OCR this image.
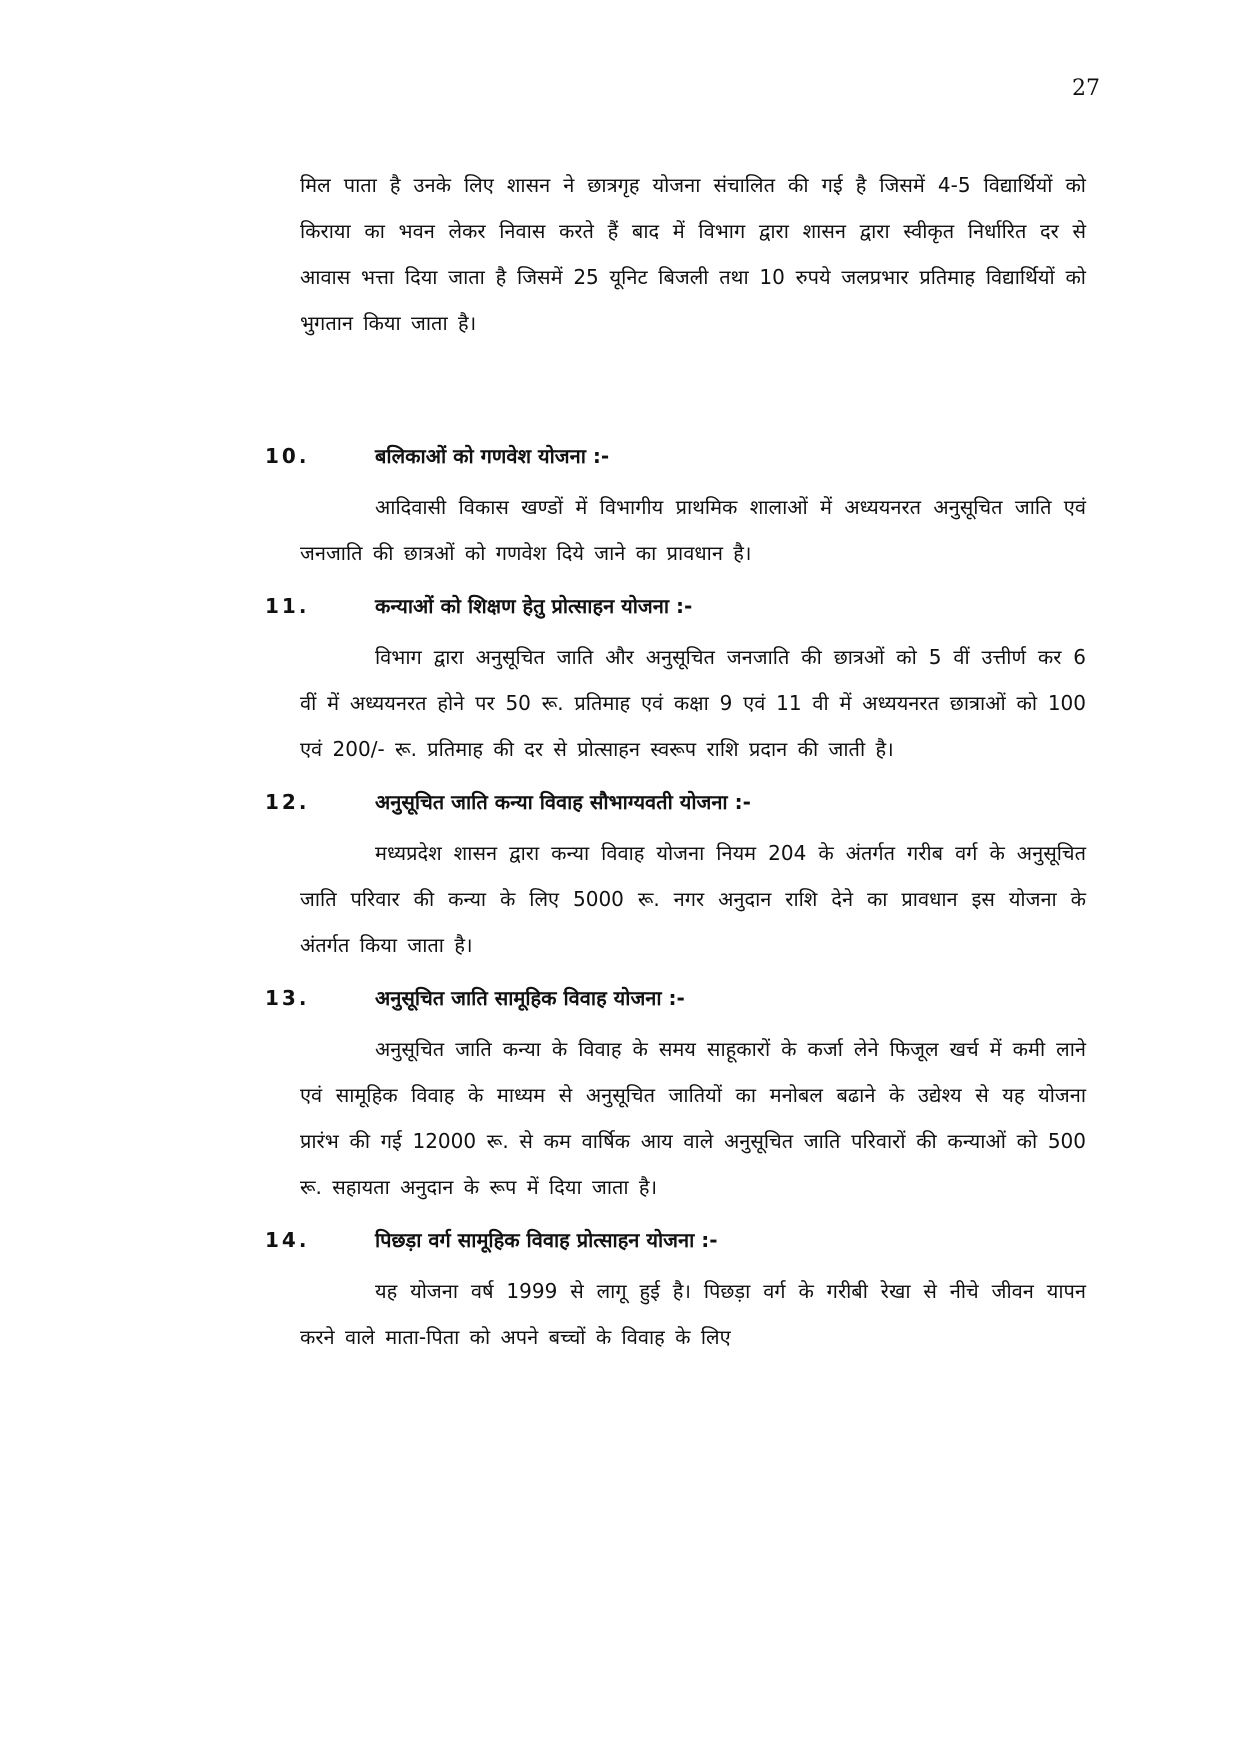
27

मिल पाता है उनके लिए शासन ने छात्रगृह योजना संचालित की गई है जिसमें 4-5 विद्यार्थियों को किराया का भवन लेकर निवास करते हैं बाद में विभाग द्वारा शासन द्वारा स्वीकृत निर्धारित दर से आवास भत्ता दिया जाता है जिसमें 25 यूनिट बिजली तथा 10 रुपये जलप्रभार प्रतिमाह विद्यार्थियों को भुगतान किया जाता है।

10.	बलिकाओं को गणवेश योजना :-

आदिवासी विकास खण्डों में विभागीय प्राथमिक शालाओं में अध्ययनरत अनुसूचित जाति एवं जनजाति की छात्रओं को गणवेश दिये जाने का प्रावधान है।

11.	कन्याओं को शिक्षण हेतु प्रोत्साहन योजना :-

विभाग द्वारा अनुसूचित जाति और अनुसूचित जनजाति की छात्रओं को 5 वीं उत्तीर्ण कर 6 वीं में अध्ययनरत होने पर 50 रू. प्रतिमाह एवं कक्षा 9 एवं 11 वी में अध्ययनरत छात्राओं को 100 एवं 200/- रू. प्रतिमाह की दर से प्रोत्साहन स्वरूप राशि प्रदान की जाती है।

12.	अनुसूचित जाति कन्या विवाह सौभाग्यवती योजना :-

मध्यप्रदेश शासन द्वारा कन्या विवाह योजना नियम 204 के अंतर्गत गरीब वर्ग के अनुसूचित जाति परिवार की कन्या के लिए 5000 रू. नगर अनुदान राशि देने का प्रावधान इस योजना के अंतर्गत किया जाता है।

13.	अनुसूचित जाति सामूहिक विवाह योजना :-

अनुसूचित जाति कन्या के विवाह के समय साहूकारों के कर्जा लेने फिजूल खर्च में कमी लाने एवं सामूहिक विवाह के माध्यम से अनुसूचित जातियों का मनोबल बढाने के उद्येश्य से यह योजना प्रारंभ की गई 12000 रू. से कम वार्षिक आय वाले अनुसूचित जाति परिवारों की कन्याओं को 500 रू. सहायता अनुदान के रूप में दिया जाता है।

14.	पिछड़ा वर्ग सामूहिक विवाह प्रोत्साहन योजना :-

यह योजना वर्ष 1999 से लागू हुई है। पिछड़ा वर्ग के गरीबी रेखा से नीचे जीवन यापन करने वाले माता-पिता को अपने बच्चों के विवाह के लिए
